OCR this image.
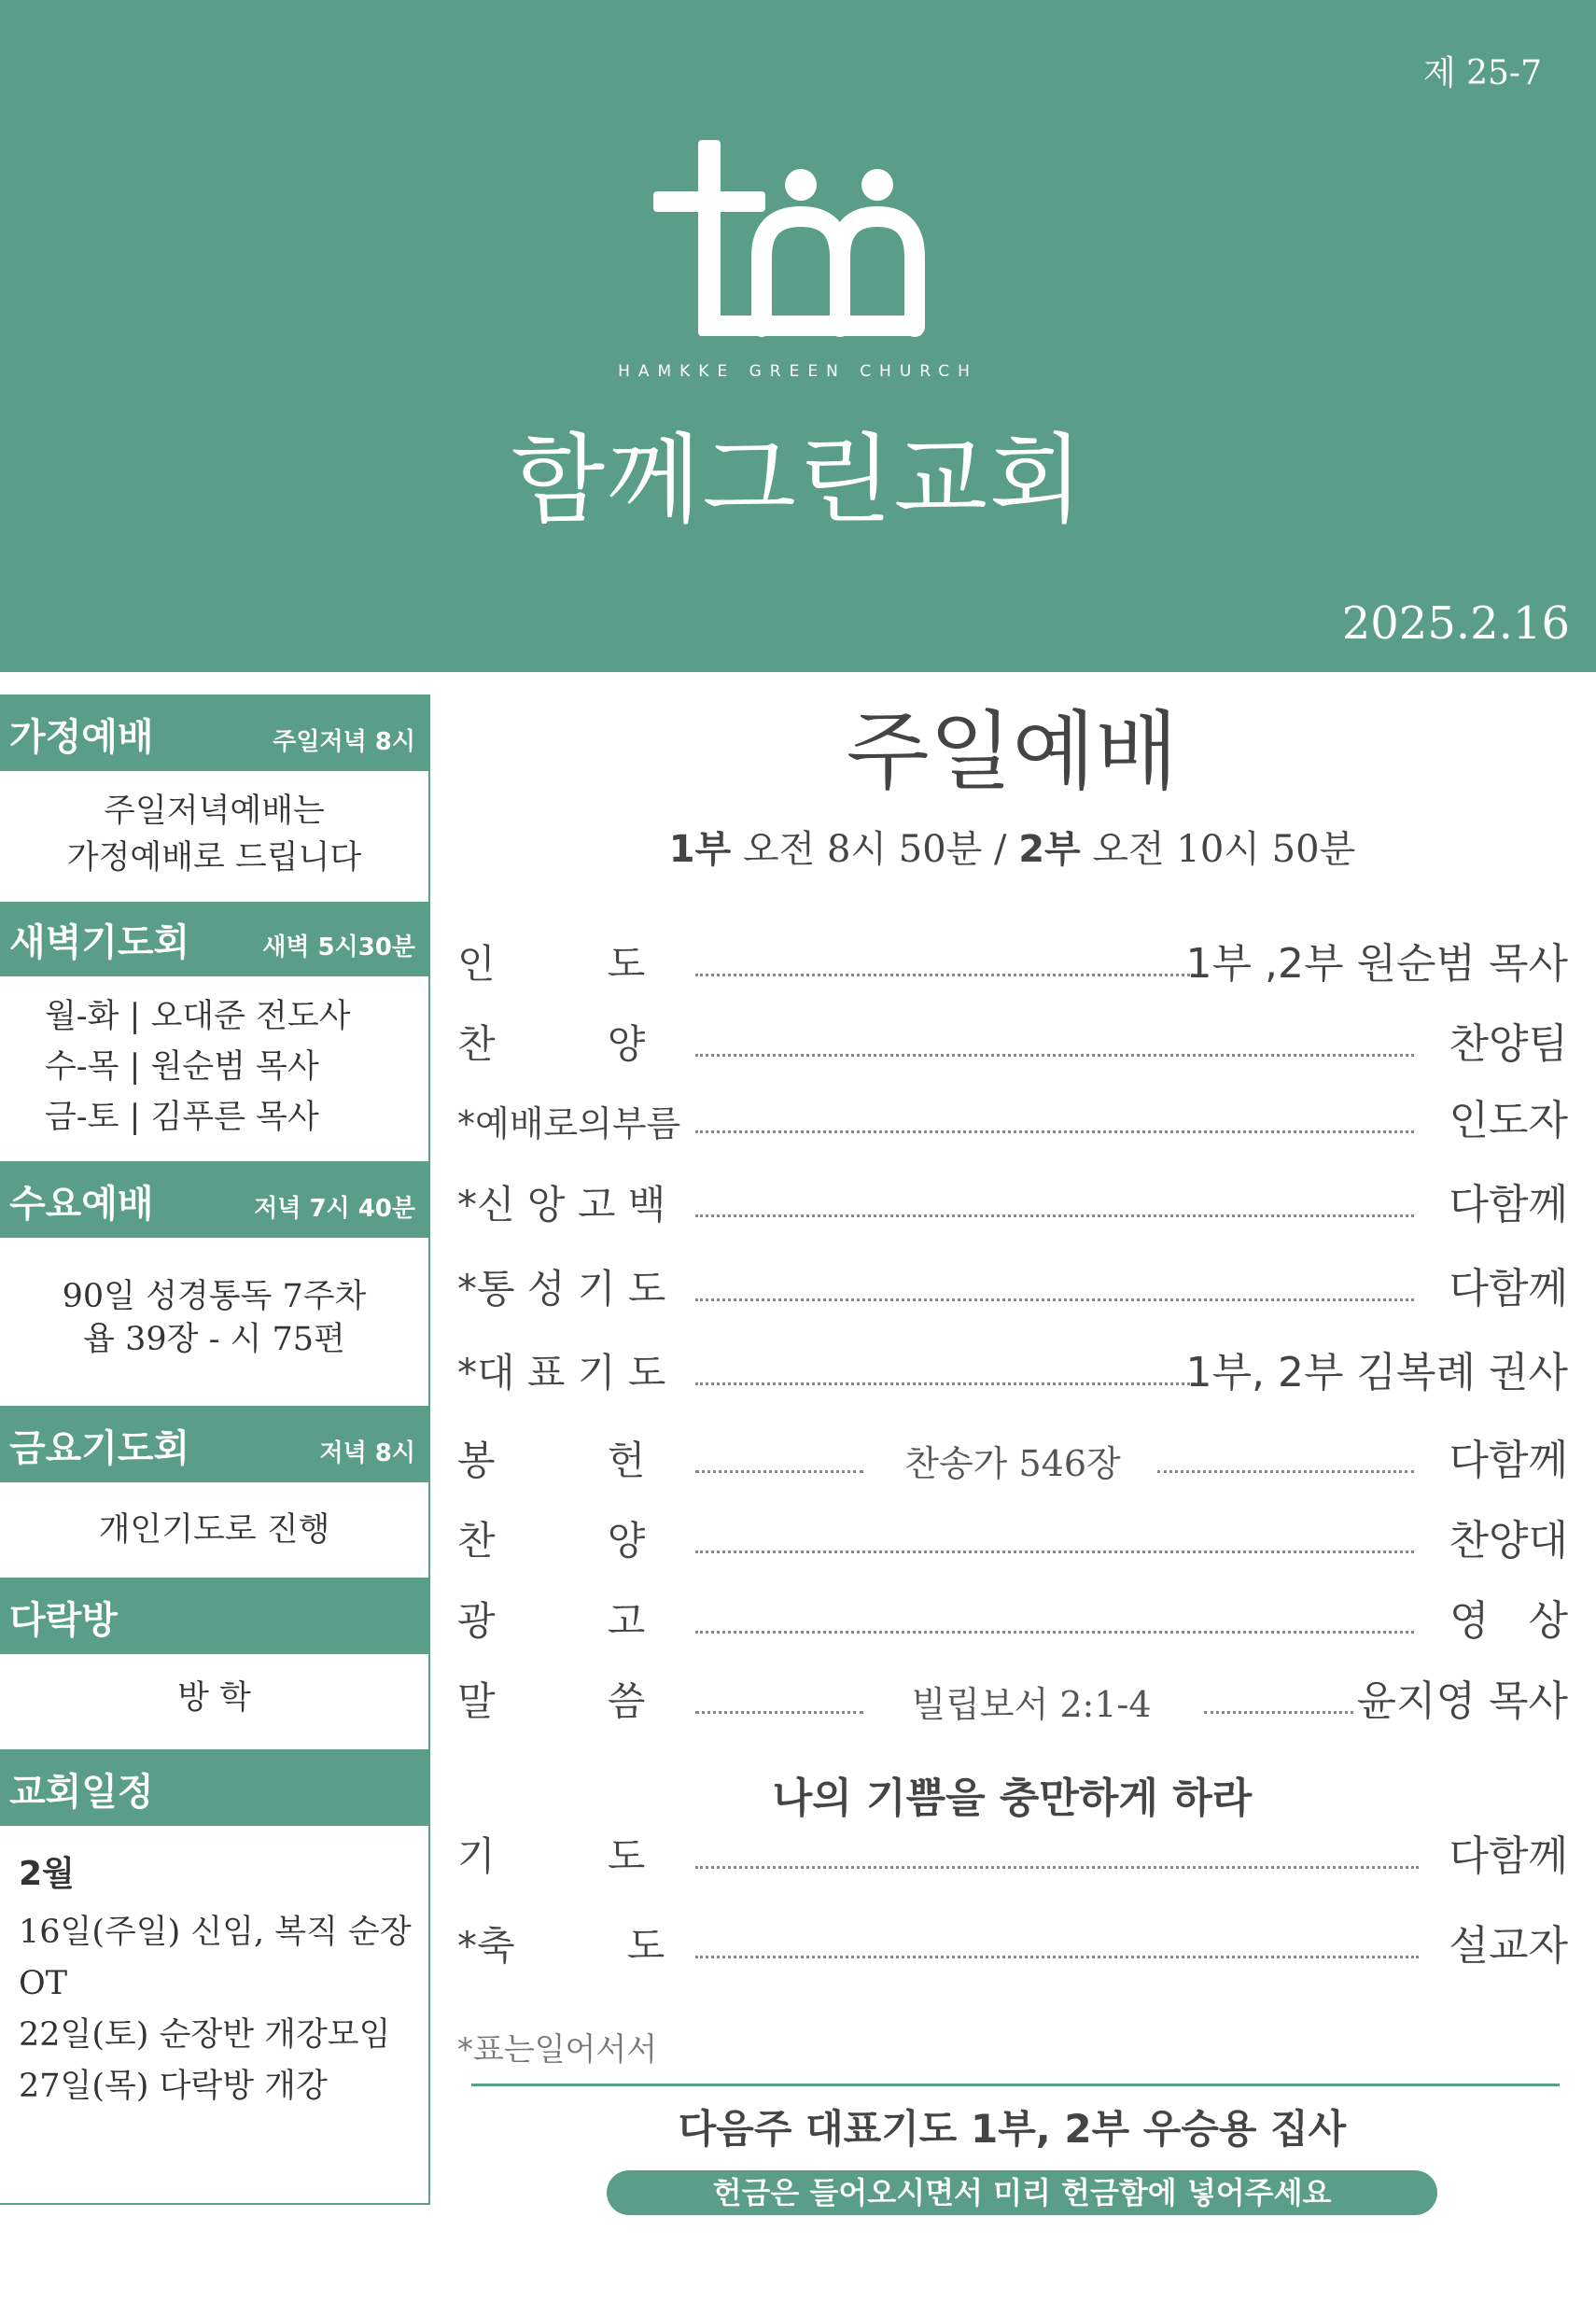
제 25-7
HAMKKE GREEN CHURCH
함께그린교회
2025.2.16
가정예배	주일저녁 8시
주일저녁예배는
가정예배로 드립니다
새벽기도회	새벽 5시30분
월-화 | 오대준 전도사
수-목 | 원순범 목사
금-토 | 김푸른 목사
수요예배	저녁 7시 40분
90일 성경통독 7주차
욥 39장 - 시 75편
금요기도회	저녁 8시
개인기도로 진행
다락방
방 학
교회일정
2월
16일(주일) 신임, 복직 순장 OT
22일(토) 순장반 개강모임
27일(목) 다락방 개강
주일예배
1부 오전 8시 50분 / 2부 오전 10시 50분
인         도	1부 ,2부 원순범 목사
찬         양	찬양팀
*예배로의부름	인도자
*신 앙 고 백	다함께
*통 성 기 도	다함께
*대 표 기 도	1부, 2부 김복례 권사
봉         헌	찬송가 546장	다함께
찬         양	찬양대
광         고	영   상
말         씀	빌립보서 2:1-4	윤지영 목사
나의 기쁨을 충만하게 하라
기         도	다함께
*축         도	설교자
*표는일어서서
다음주 대표기도 1부, 2부 우승용 집사
헌금은 들어오시면서 미리 헌금함에 넣어주세요
